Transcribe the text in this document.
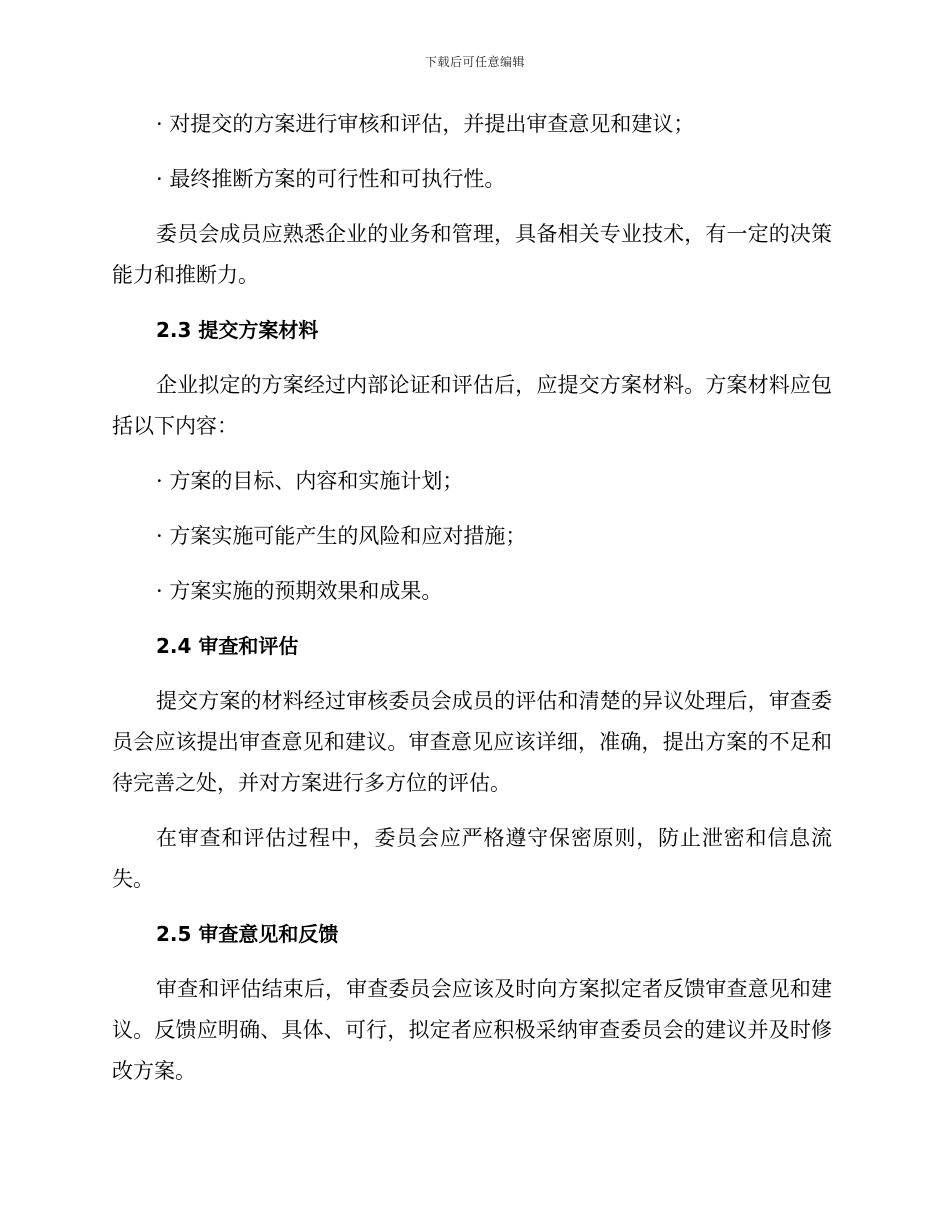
下载后可任意编辑

· 对提交的方案进行审核和评估，并提出审查意见和建议；

· 最终推断方案的可行性和可执行性。

委员会成员应熟悉企业的业务和管理，具备相关专业技术，有一定的决策能力和推断力。

2.3 提交方案材料

企业拟定的方案经过内部论证和评估后，应提交方案材料。方案材料应包括以下内容：

· 方案的目标、内容和实施计划；

· 方案实施可能产生的风险和应对措施；

· 方案实施的预期效果和成果。

2.4 审查和评估

提交方案的材料经过审核委员会成员的评估和清楚的异议处理后，审查委员会应该提出审查意见和建议。审查意见应该详细，准确，提出方案的不足和待完善之处，并对方案进行多方位的评估。

在审查和评估过程中，委员会应严格遵守保密原则，防止泄密和信息流失。

2.5 审查意见和反馈

审查和评估结束后，审查委员会应该及时向方案拟定者反馈审查意见和建议。反馈应明确、具体、可行，拟定者应积极采纳审查委员会的建议并及时修改方案。
